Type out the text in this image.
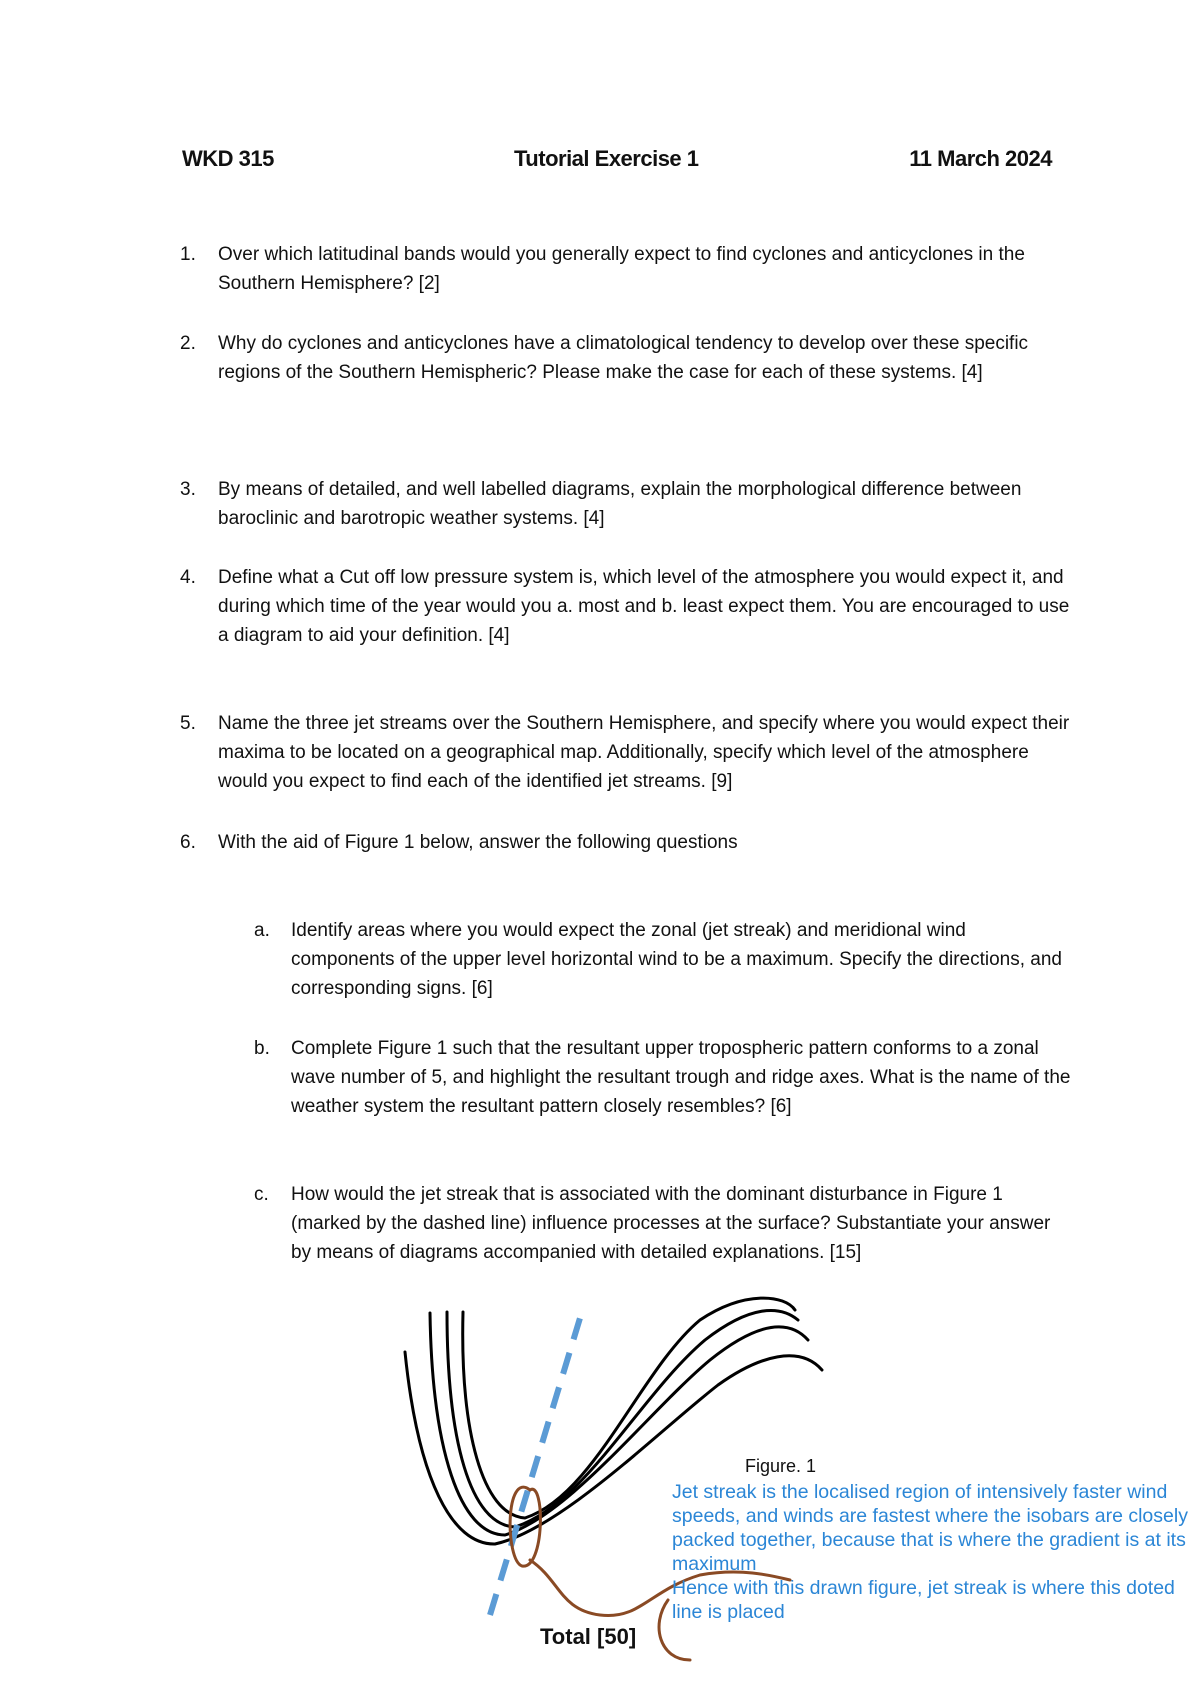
WKD 315	Tutorial Exercise 1	11 March 2024
1.	Over which latitudinal bands would you generally expect to find cyclones and anticyclones in the Southern Hemisphere? [2]
2.	Why do cyclones and anticyclones have a climatological tendency to develop over these specific regions of the Southern Hemispheric? Please make the case for each of these systems. [4]
3.	By means of detailed, and well labelled diagrams, explain the morphological difference between baroclinic and barotropic weather systems. [4]
4.	Define what a Cut off low pressure system is, which level of the atmosphere you would expect it, and during which time of the year would you a. most and b. least expect them. You are encouraged to use a diagram to aid your definition. [4]
5.	Name the three jet streams over the Southern Hemisphere, and specify where you would expect their maxima to be located on a geographical map. Additionally, specify which level of the atmosphere would you expect to find each of the identified jet streams. [9]
6.	With the aid of Figure 1 below, answer the following questions
a.	Identify areas where you would expect the zonal (jet streak) and meridional wind components of the upper level horizontal wind to be a maximum. Specify the directions, and corresponding signs. [6]
b.	Complete Figure 1 such that the resultant upper tropospheric pattern conforms to a zonal wave number of 5, and highlight the resultant trough and ridge axes. What is the name of the weather system the resultant pattern closely resembles? [6]
c.	How would the jet streak that is associated with the dominant disturbance in Figure 1 (marked by the dashed line) influence processes at the surface? Substantiate your answer by means of diagrams accompanied with detailed explanations. [15]
Figure. 1

Jet streak is the localised region of intensively faster wind speeds, and winds are fastest where the isobars are closely packed together, because that is where the gradient is at its maximum

Hence with this drawn figure, jet streak is where this doted line is placed

Total [50]
